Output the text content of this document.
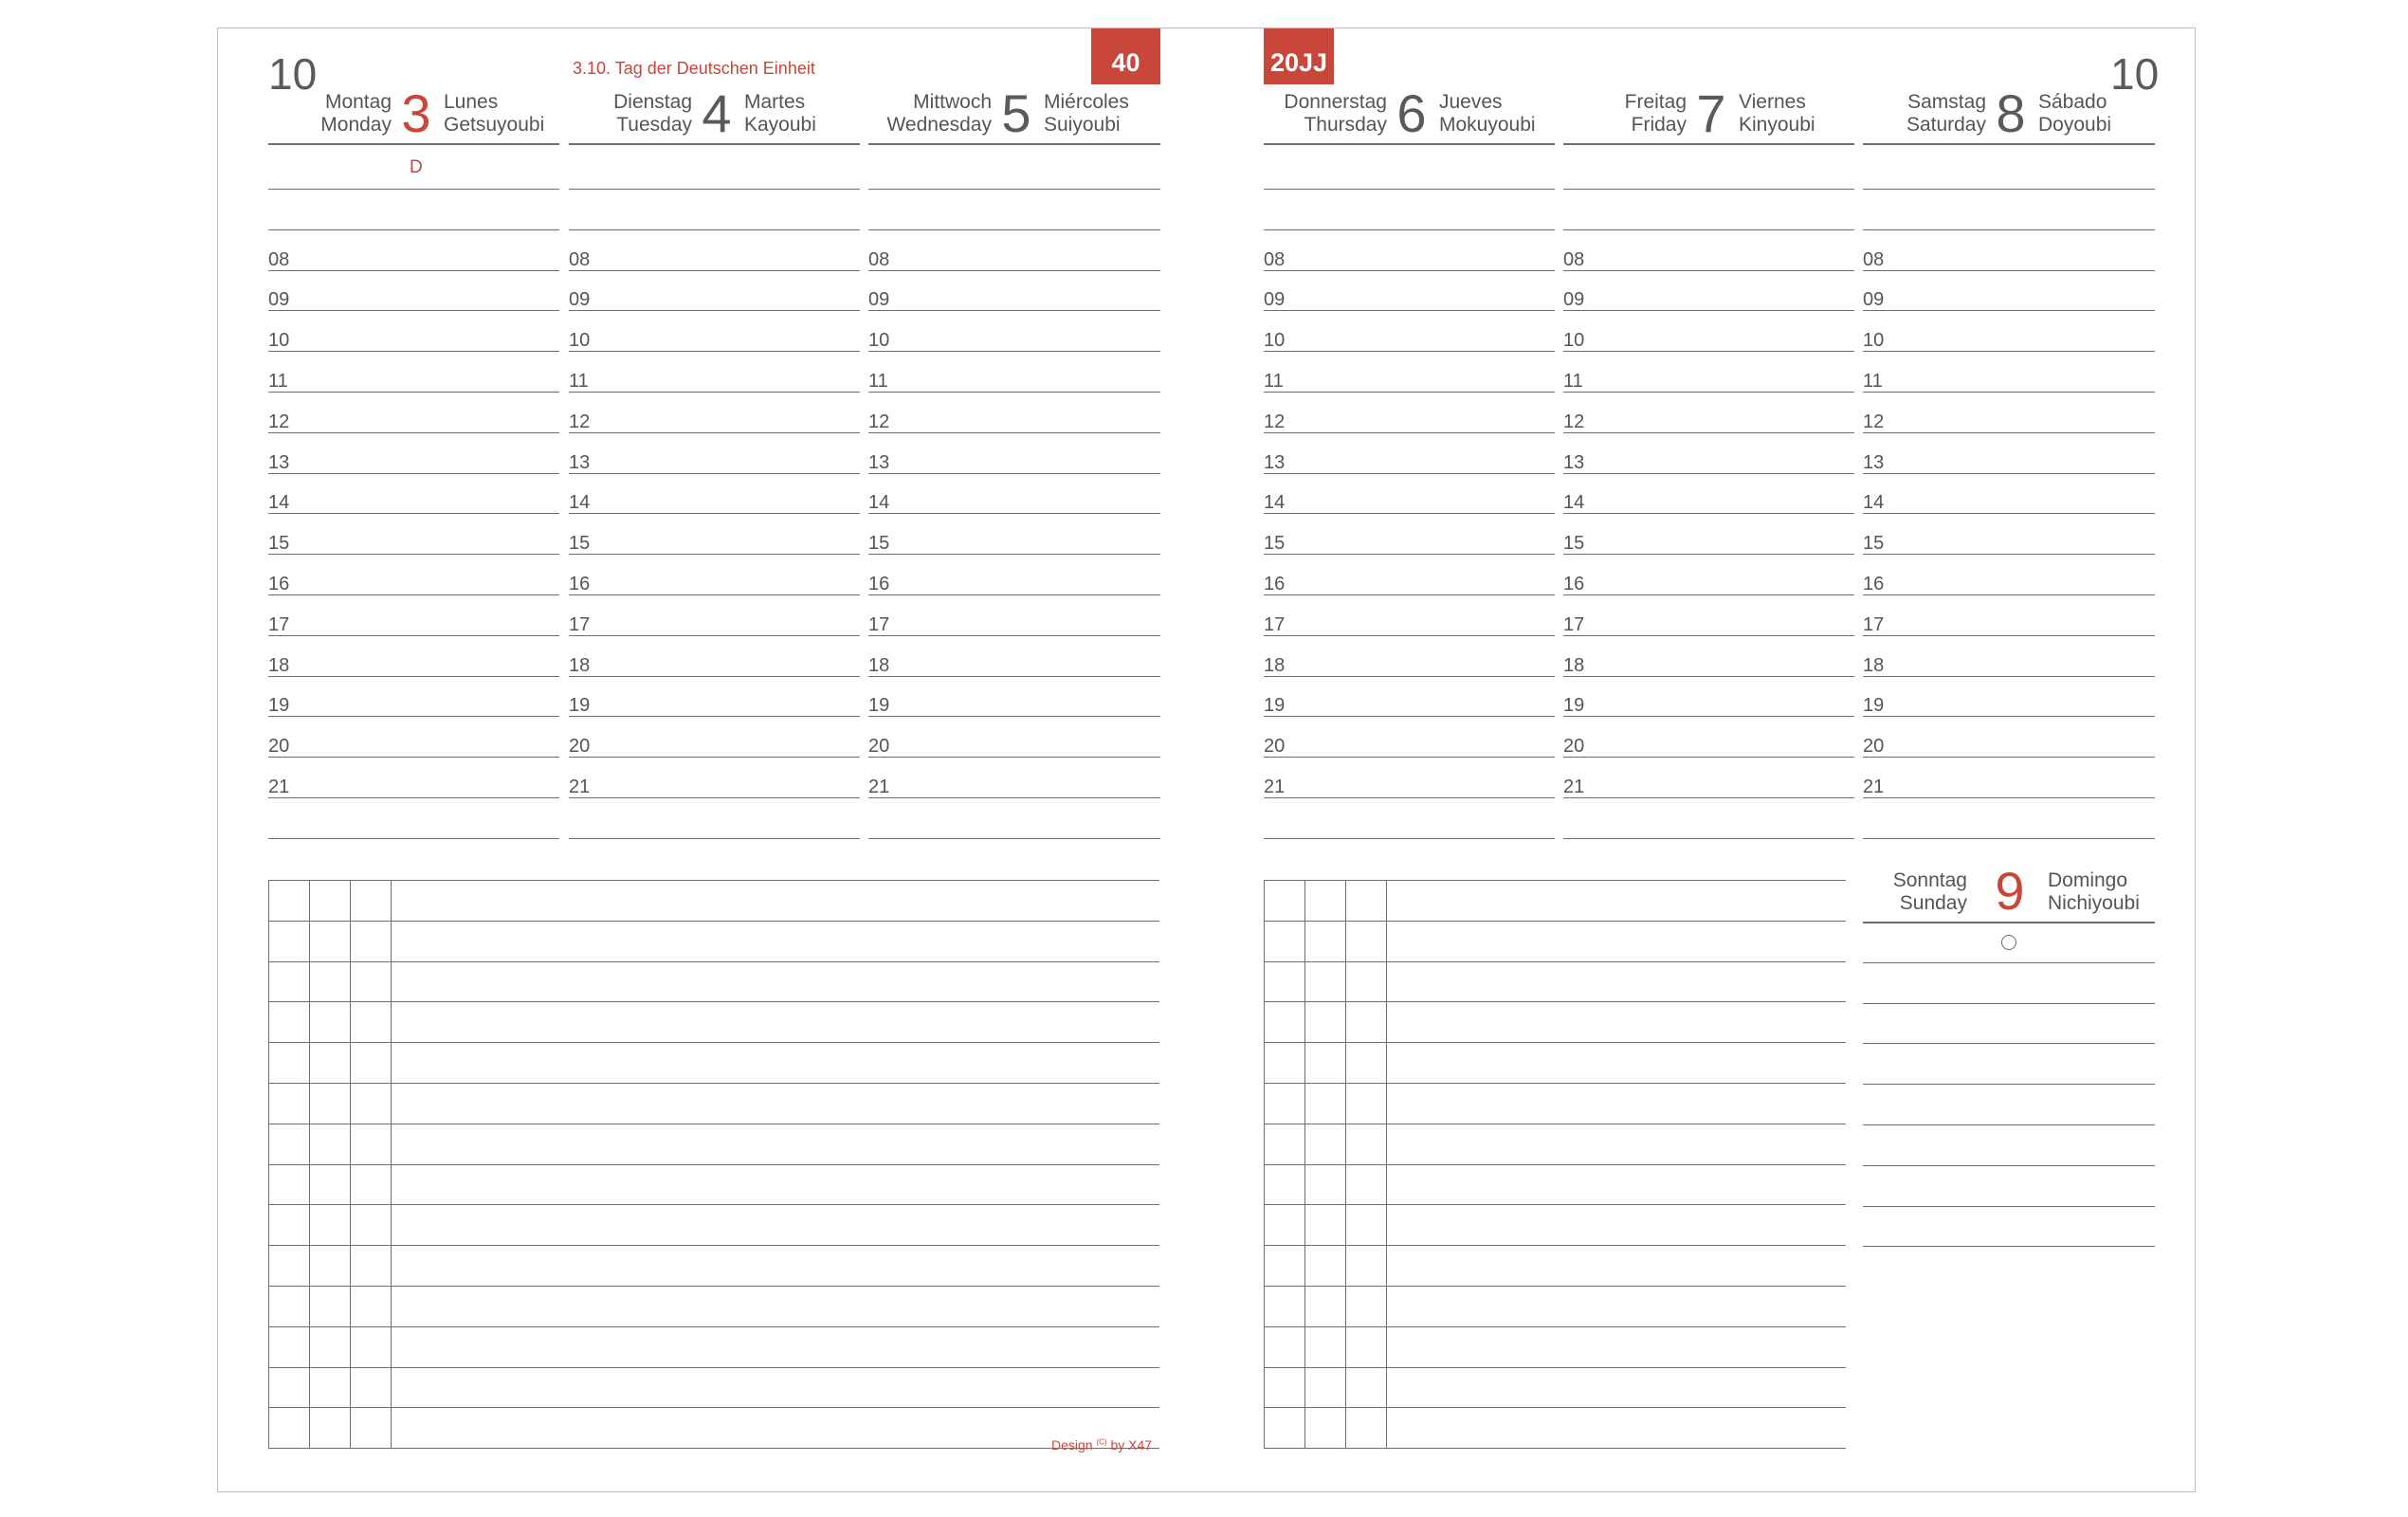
10	3.10. Tag der Deutschen Einheit	40	10
20JJ
Montag
Monday 3 Lunes
Getsuyoubi
D
08
09
10
11
12
13
14
15
16
17
18
19
20
21
Dienstag
Tuesday 4 Martes
Kayoubi
08
09
10
11
12
13
14
15
16
17
18
19
20
21
Mittwoch
Wednesday 5 Miércoles
Suiyoubi
08
09
10
11
12
13
14
15
16
17
18
19
20
21
Donnerstag
Thursday 6 Jueves
Mokuyoubi
08
09
10
11
12
13
14
15
16
17
18
19
20
21
Freitag
Friday 7 Viernes
Kinyoubi
08
09
10
11
12
13
14
15
16
17
18
19
20
21
Samstag
Saturday 8 Sábado
Doyoubi
08
09
10
11
12
13
14
15
16
17
18
19
20
21
Sonntag
Sunday 9 Domingo
Nichiyoubi
Design $^{(C)}$ by X47
